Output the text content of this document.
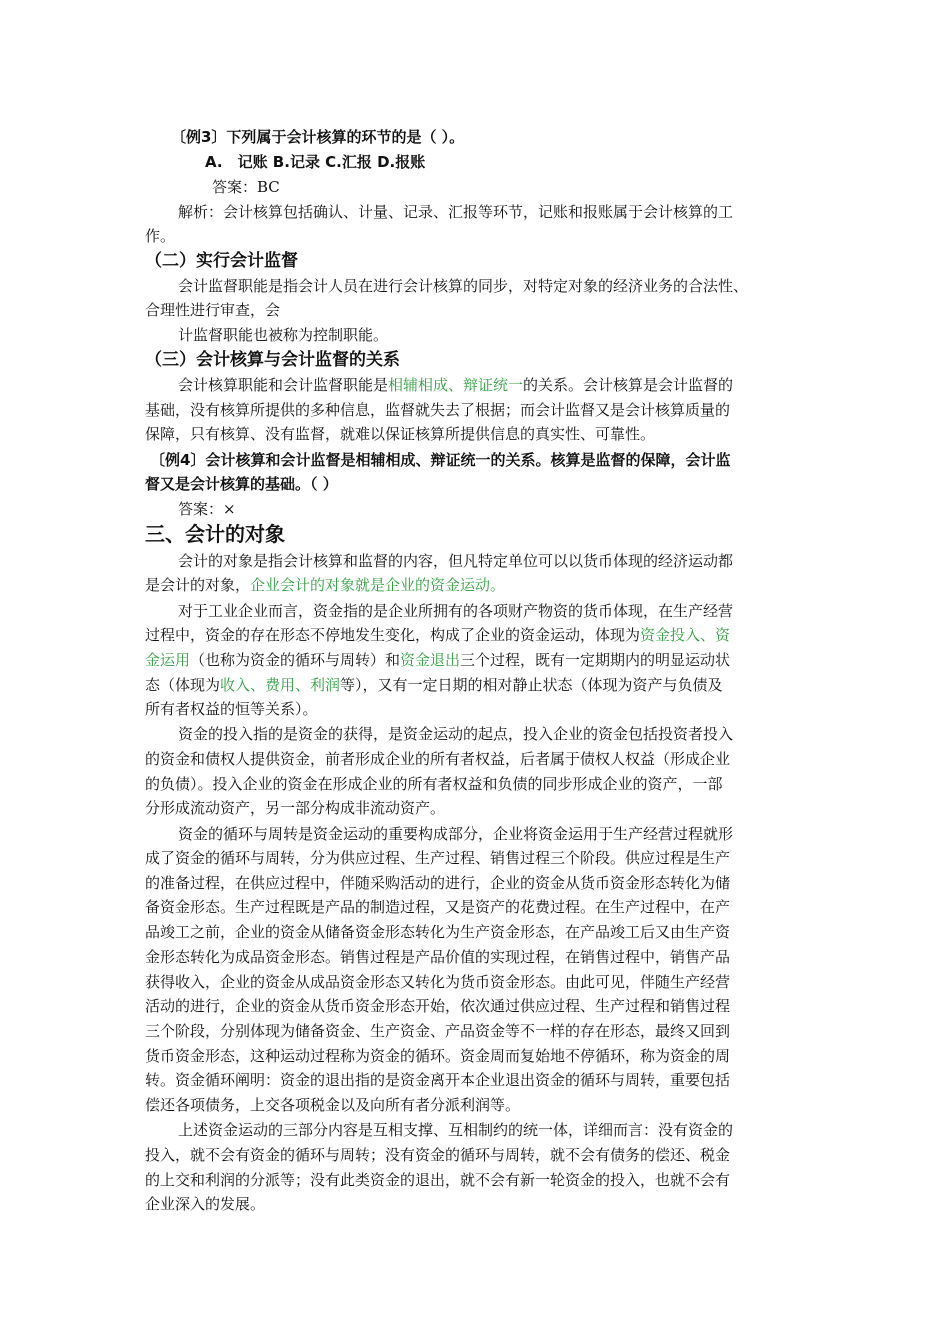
〔例3〕下列属于会计核算的环节的是（ ）。
A.　记账 B.记录 C.汇报 D.报账
答案：BC
解析：会计核算包括确认、计量、记录、汇报等环节，记账和报账属于会计核算的工
作。
（二）实行会计监督
会计监督职能是指会计人员在进行会计核算的同步，对特定对象的经济业务的合法性、
合理性进行审查，会
计监督职能也被称为控制职能。
（三）会计核算与会计监督的关系
会计核算职能和会计监督职能是相辅相成、辩证统一的关系。会计核算是会计监督的
基础，没有核算所提供的多种信息，监督就失去了根据；而会计监督又是会计核算质量的
保障，只有核算、没有监督，就难以保证核算所提供信息的真实性、可靠性。
〔例4〕会计核算和会计监督是相辅相成、辩证统一的关系。核算是监督的保障，会计监
督又是会计核算的基础。（ ）
答案：×
三、会计的对象
会计的对象是指会计核算和监督的内容，但凡特定单位可以以货币体现的经济运动都
是会计的对象，企业会计的对象就是企业的资金运动。
对于工业企业而言，资金指的是企业所拥有的各项财产物资的货币体现，在生产经营
过程中，资金的存在形态不停地发生变化，构成了企业的资金运动，体现为资金投入、资
金运用（也称为资金的循环与周转）和资金退出三个过程，既有一定期期内的明显运动状
态（体现为收入、费用、利润等），又有一定日期的相对静止状态（体现为资产与负债及
所有者权益的恒等关系）。
资金的投入指的是资金的获得，是资金运动的起点，投入企业的资金包括投资者投入
的资金和债权人提供资金，前者形成企业的所有者权益，后者属于债权人权益（形成企业
的负债）。投入企业的资金在形成企业的所有者权益和负债的同步形成企业的资产，一部
分形成流动资产，另一部分构成非流动资产。
资金的循环与周转是资金运动的重要构成部分，企业将资金运用于生产经营过程就形
成了资金的循环与周转，分为供应过程、生产过程、销售过程三个阶段。供应过程是生产
的准备过程，在供应过程中，伴随采购活动的进行，企业的资金从货币资金形态转化为储
备资金形态。生产过程既是产品的制造过程，又是资产的花费过程。在生产过程中，在产
品竣工之前，企业的资金从储备资金形态转化为生产资金形态，在产品竣工后又由生产资
金形态转化为成品资金形态。销售过程是产品价值的实现过程，在销售过程中，销售产品
获得收入，企业的资金从成品资金形态又转化为货币资金形态。由此可见，伴随生产经营
活动的进行，企业的资金从货币资金形态开始，依次通过供应过程、生产过程和销售过程
三个阶段，分别体现为储备资金、生产资金、产品资金等不一样的存在形态，最终又回到
货币资金形态，这种运动过程称为资金的循环。资金周而复始地不停循环，称为资金的周
转。资金循环阐明：资金的退出指的是资金离开本企业退出资金的循环与周转，重要包括
偿还各项债务，上交各项税金以及向所有者分派利润等。
上述资金运动的三部分内容是互相支撑、互相制约的统一体，详细而言：没有资金的
投入，就不会有资金的循环与周转；没有资金的循环与周转，就不会有债务的偿还、税金
的上交和利润的分派等；没有此类资金的退出，就不会有新一轮资金的投入，也就不会有
企业深入的发展。
